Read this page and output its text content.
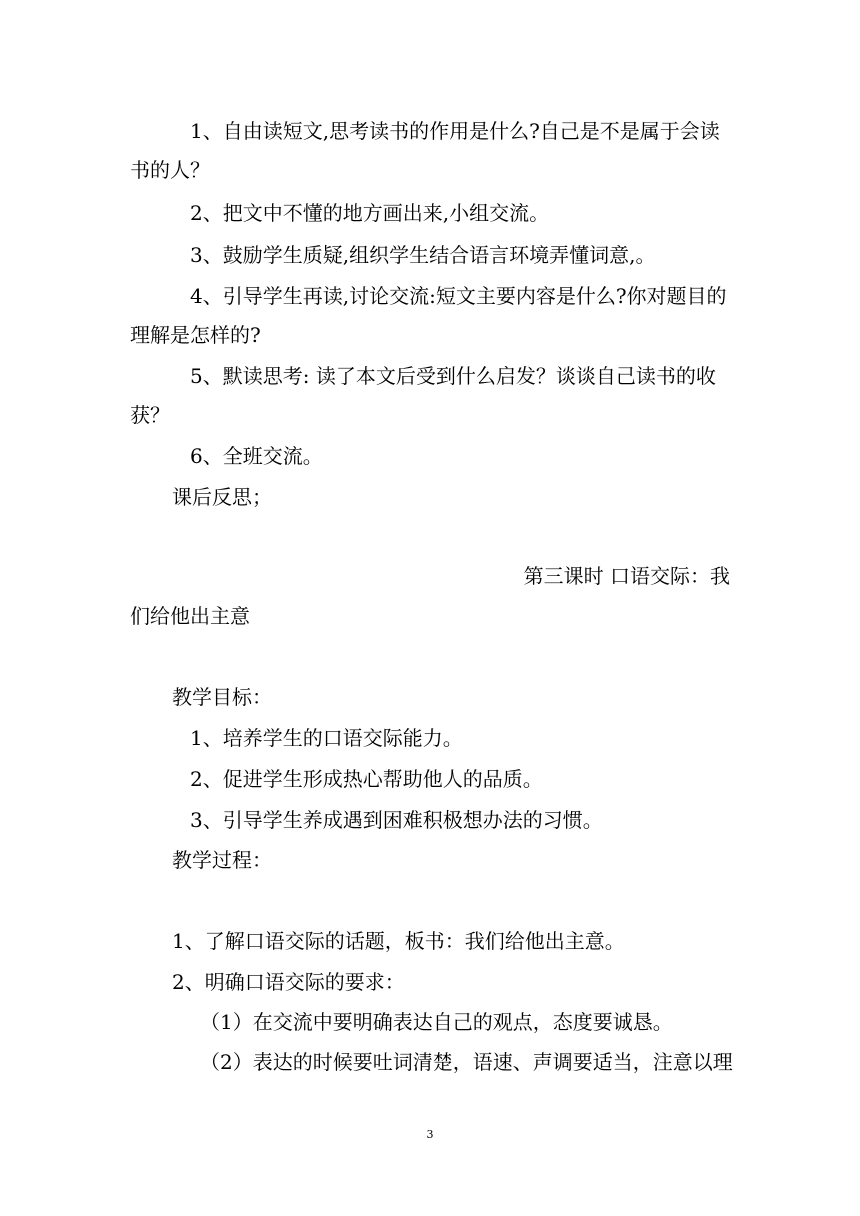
1、自由读短文,思考读书的作用是什么?自己是不是属于会读

书的人？

2、把文中不懂的地方画出来,小组交流。

3、鼓励学生质疑,组织学生结合语言环境弄懂词意,。

4、引导学生再读,讨论交流:短文主要内容是什么?你对题目的

理解是怎样的?

5、默读思考: 读了本文后受到什么启发？谈谈自己读书的收

获？

6、全班交流。

课后反思；

第三课时 口语交际：我

们给他出主意

教学目标：

1、培养学生的口语交际能力。

2、促进学生形成热心帮助他人的品质。

3、引导学生养成遇到困难积极想办法的习惯。

教学过程：

1、了解口语交际的话题，板书：我们给他出主意。

2、明确口语交际的要求：

（1）在交流中要明确表达自己的观点，态度要诚恳。

（2）表达的时候要吐词清楚，语速、声调要适当，注意以理

3
